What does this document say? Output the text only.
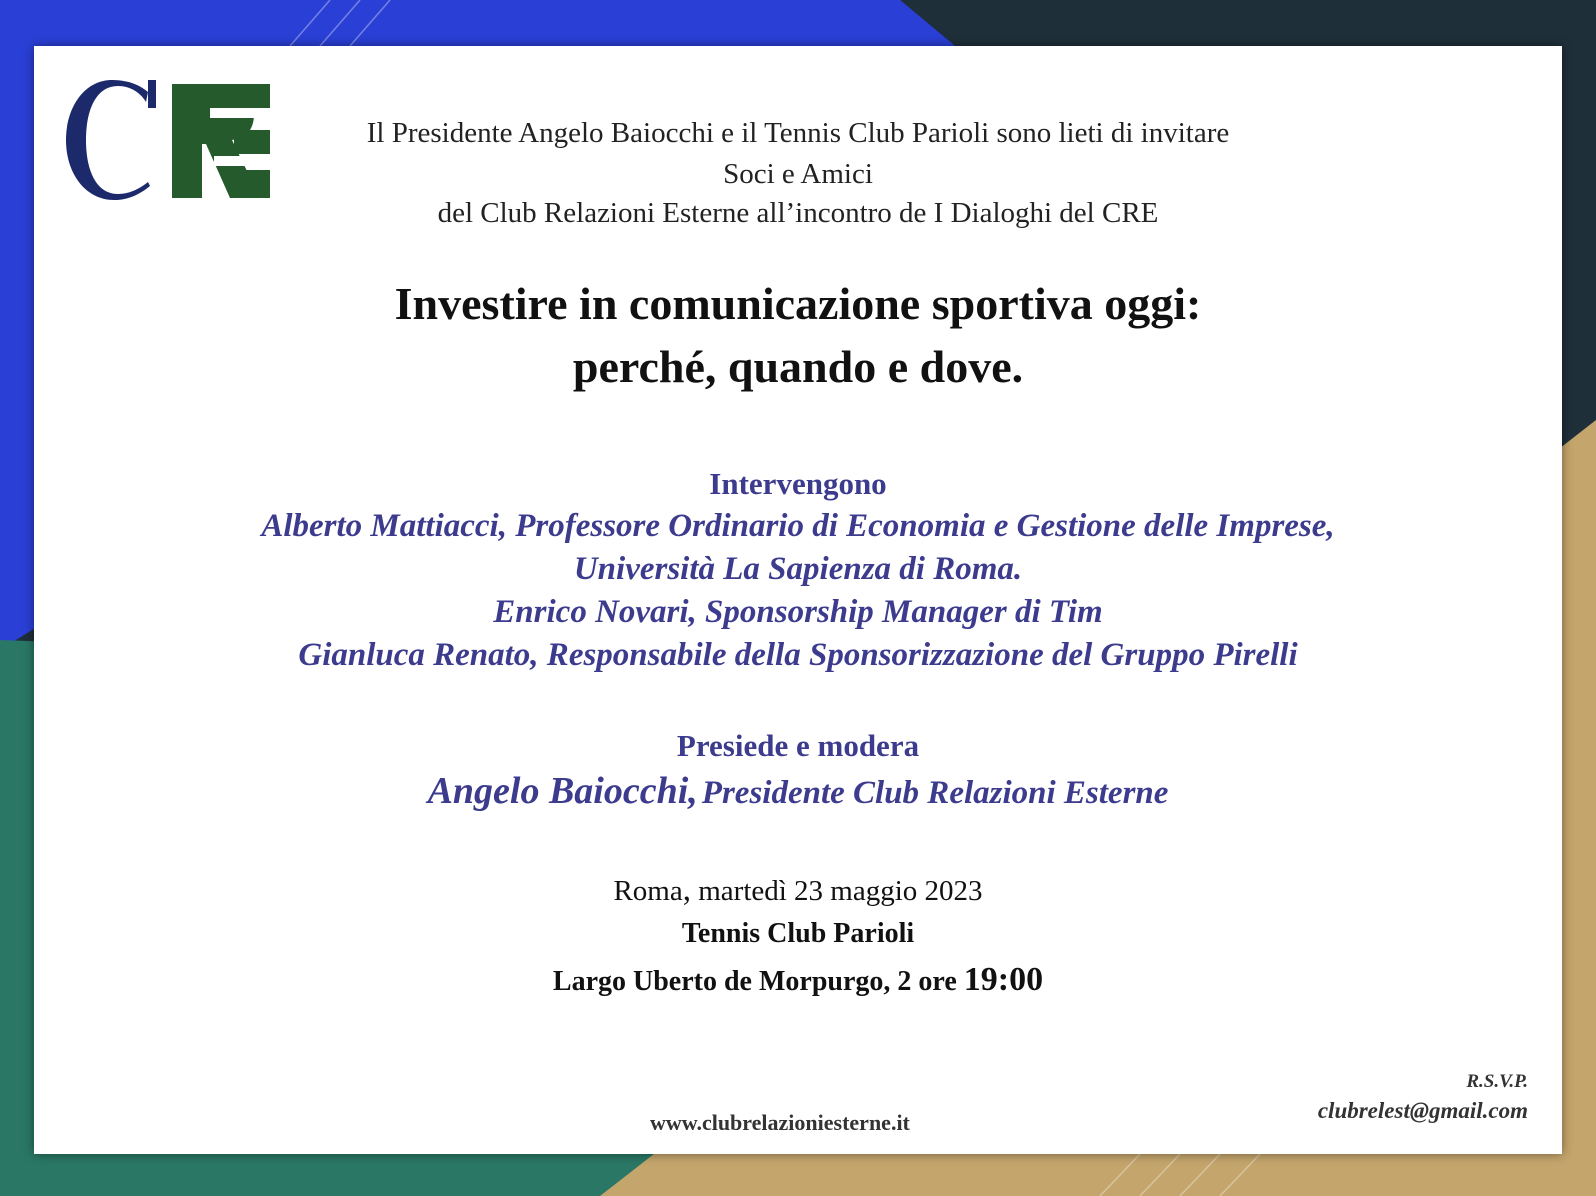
Il Presidente Angelo Baiocchi e il Tennis Club Parioli sono lieti di invitare
Soci e Amici
del Club Relazioni Esterne all’incontro de I Dialoghi del CRE
Investire in comunicazione sportiva oggi:
perché, quando e dove.
Intervengono
Alberto Mattiacci, Professore Ordinario di Economia e Gestione delle Imprese,
Università La Sapienza di Roma.
Enrico Novari, Sponsorship Manager di Tim
Gianluca Renato, Responsabile della Sponsorizzazione del Gruppo Pirelli
Presiede e modera
Angelo Baiocchi, Presidente Club Relazioni Esterne
Roma, martedì 23 maggio 2023
Tennis Club Parioli
Largo Uberto de Morpurgo, 2 ore 19:00
www.clubrelazioniesterne.it
R.S.V.P.
clubrelest@gmail.com
